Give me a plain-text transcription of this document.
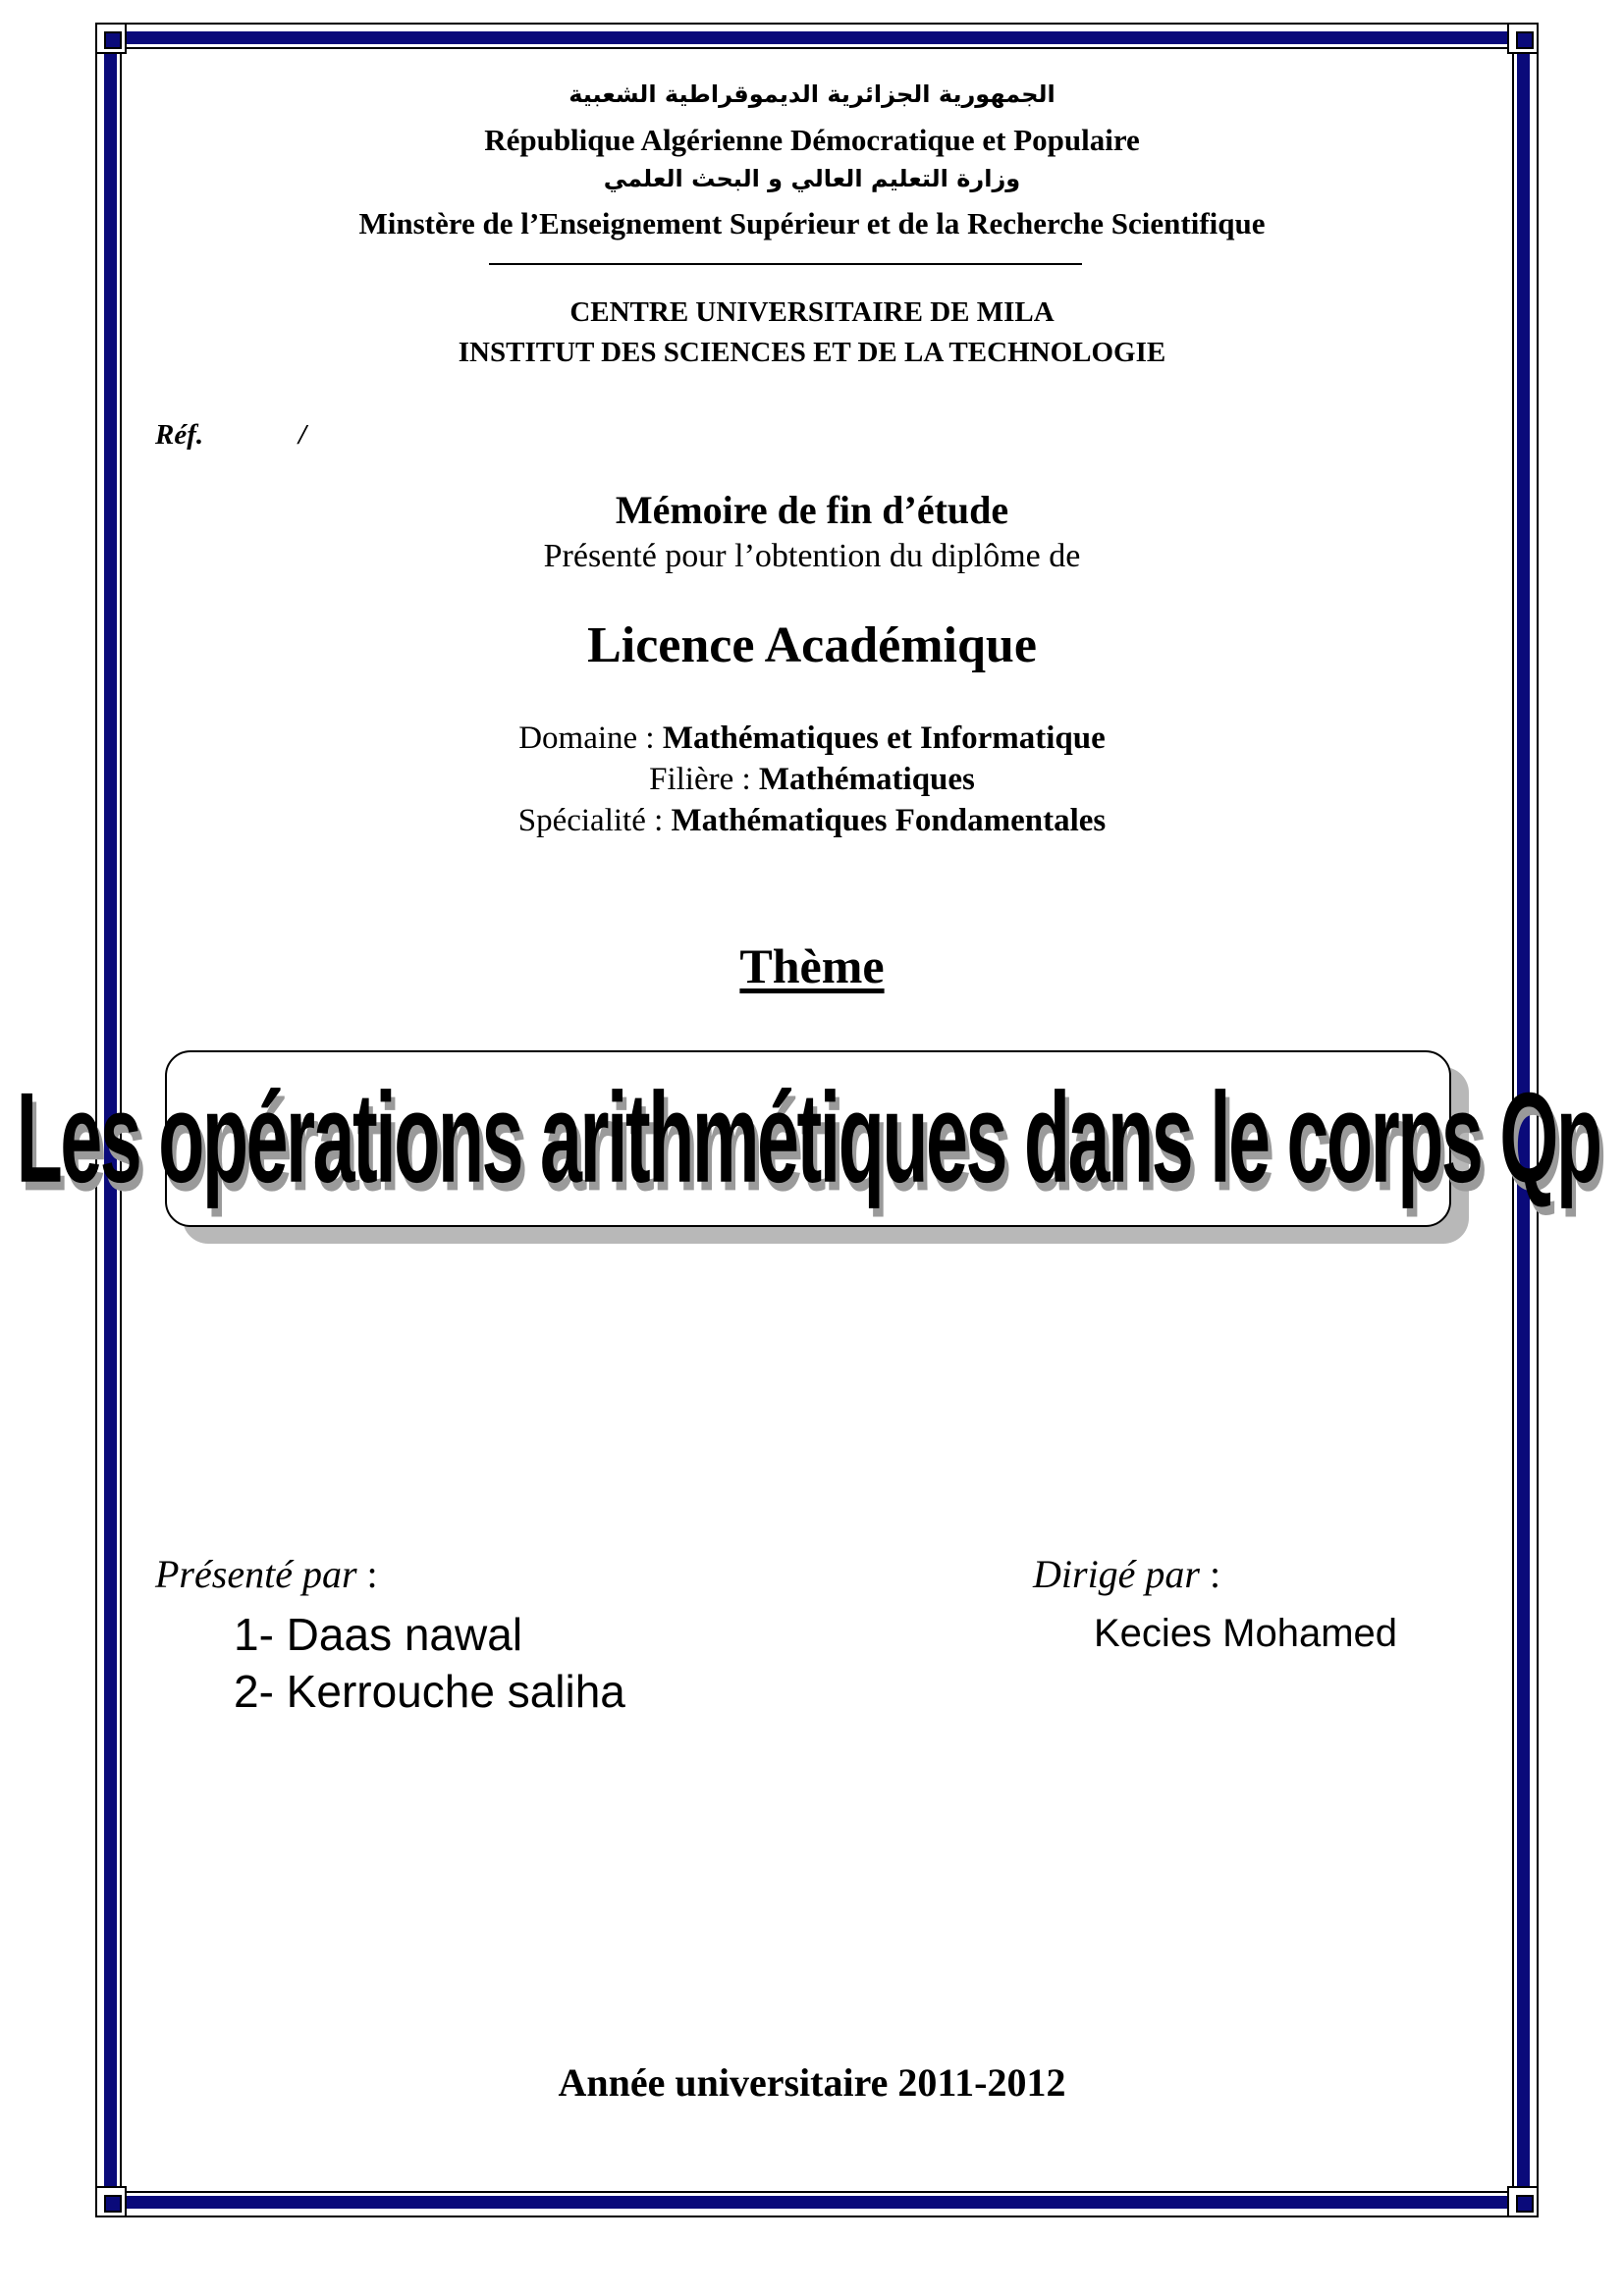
الجمهورية الجزائرية الديموقراطية الشعبية
République Algérienne Démocratique et Populaire
وزارة التعليم العالي و البحث العلمي
Minstère de l’Enseignement Supérieur et de la Recherche Scientifique
CENTRE UNIVERSITAIRE DE MILA
INSTITUT DES SCIENCES ET DE LA TECHNOLOGIE
Réf.	/
Mémoire de fin d’étude
Présenté pour l’obtention du diplôme de
Licence Académique
Domaine : Mathématiques et Informatique
Filière : Mathématiques
Spécialité : Mathématiques Fondamentales
Thème
Les opérations arithmétiques dans le corps Qp
Présenté par :
1- Daas nawal
2- Kerrouche saliha
Dirigé par :
Kecies Mohamed
Année universitaire 2011-2012
